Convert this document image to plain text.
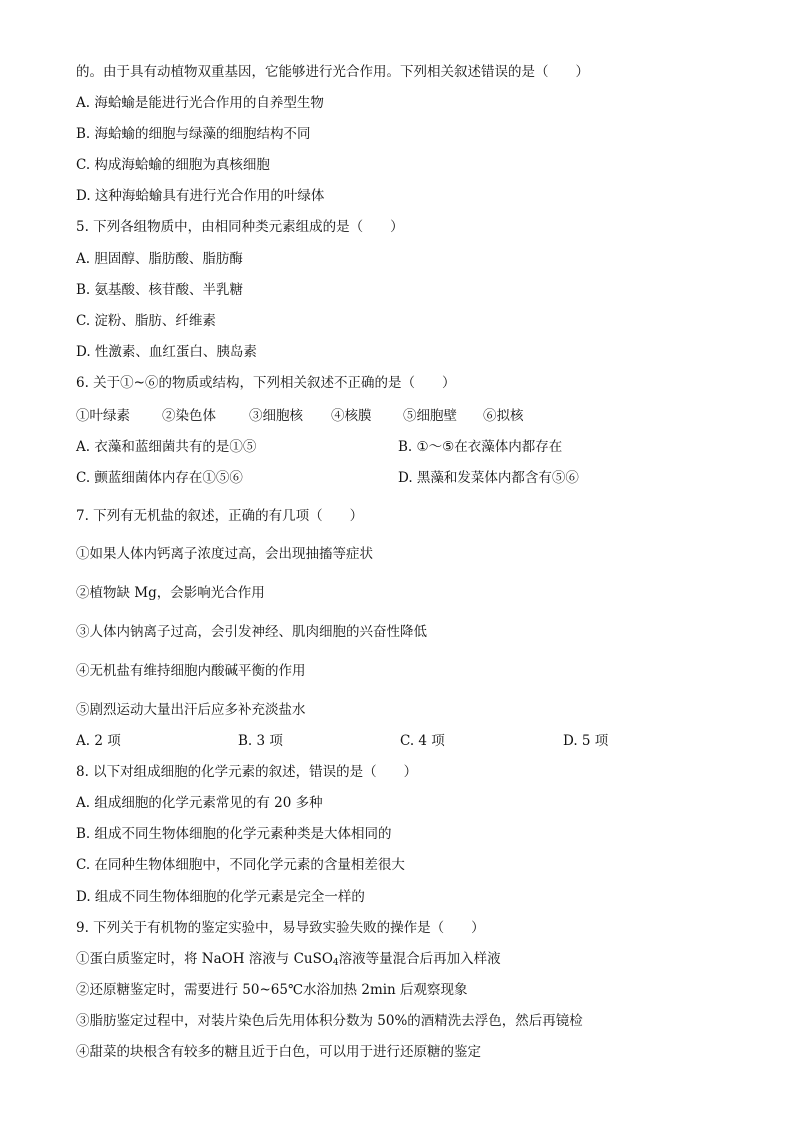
的。由于具有动植物双重基因，它能够进行光合作用。下列相关叙述错误的是（　　）
A. 海蛤蝓是能进行光合作用的自养型生物
B. 海蛤蝓的细胞与绿藻的细胞结构不同
C. 构成海蛤蝓的细胞为真核细胞
D. 这种海蛤蝓具有进行光合作用的叶绿体
5. 下列各组物质中，由相同种类元素组成的是（　　）
A. 胆固醇、脂肪酸、脂肪酶
B. 氨基酸、核苷酸、半乳糖
C. 淀粉、脂肪、纤维素
D. 性激素、血红蛋白、胰岛素
6. 关于①~⑥的物质或结构，下列相关叙述不正确的是（　　）
①叶绿素 ②染色体 ③细胞核 ④核膜 ⑤细胞壁 ⑥拟核
A. 衣藻和蓝细菌共有的是①⑤	B. ①～⑤在衣藻体内都存在
C. 颤蓝细菌体内存在①⑤⑥	D. 黑藻和发菜体内都含有⑤⑥
7. 下列有无机盐的叙述，正确的有几项（　　）
①如果人体内钙离子浓度过高，会出现抽搐等症状
②植物缺 Mg，会影响光合作用
③人体内钠离子过高，会引发神经、肌肉细胞的兴奋性降低
④无机盐有维持细胞内酸碱平衡的作用
⑤剧烈运动大量出汗后应多补充淡盐水
A. 2 项	B. 3 项	C. 4 项	D. 5 项
8. 以下对组成细胞的化学元素的叙述，错误的是（　　）
A. 组成细胞的化学元素常见的有 20 多种
B. 组成不同生物体细胞的化学元素种类是大体相同的
C. 在同种生物体细胞中，不同化学元素的含量相差很大
D. 组成不同生物体细胞的化学元素是完全一样的
9. 下列关于有机物的鉴定实验中，易导致实验失败的操作是（　　）
①蛋白质鉴定时，将 NaOH 溶液与 CuSO$_4$溶液等量混合后再加入样液
②还原糖鉴定时，需要进行 50~65℃水浴加热 2min 后观察现象
③脂肪鉴定过程中，对装片染色后先用体积分数为 50%的酒精洗去浮色，然后再镜检
④甜菜的块根含有较多的糖且近于白色，可以用于进行还原糖的鉴定
